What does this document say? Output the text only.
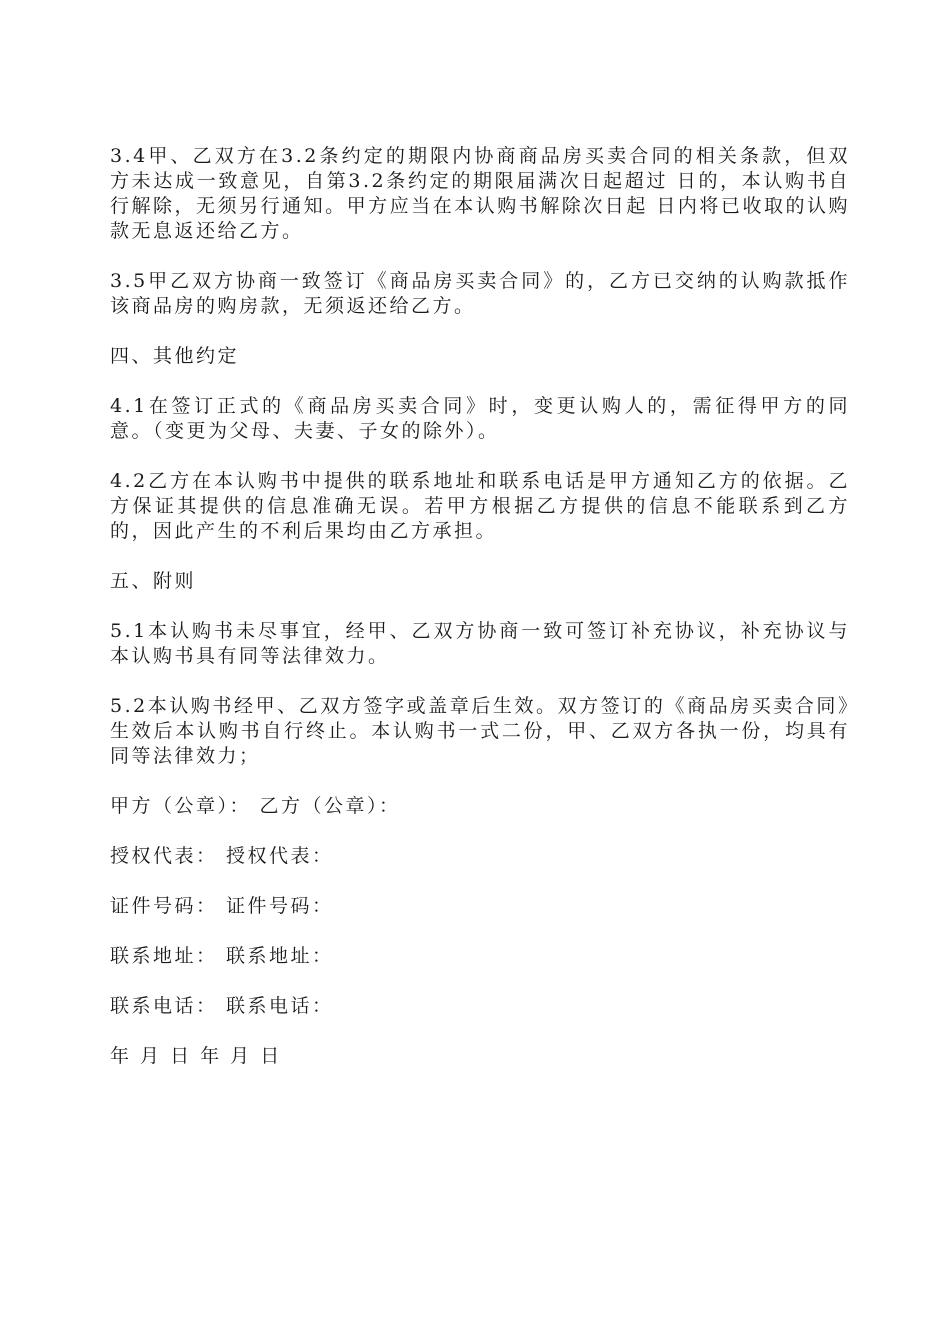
3.4甲、乙双方在3.2条约定的期限内协商商品房买卖合同的相关条款，但双方未达成一致意见，自第3.2条约定的期限届满次日起超过 日的，本认购书自行解除，无须另行通知。甲方应当在本认购书解除次日起 日内将已收取的认购款无息返还给乙方。

3.5甲乙双方协商一致签订《商品房买卖合同》的，乙方已交纳的认购款抵作该商品房的购房款，无须返还给乙方。

四、其他约定

4.1在签订正式的《商品房买卖合同》时，变更认购人的，需征得甲方的同意。（变更为父母、夫妻、子女的除外）。

4.2乙方在本认购书中提供的联系地址和联系电话是甲方通知乙方的依据。乙方保证其提供的信息准确无误。若甲方根据乙方提供的信息不能联系到乙方的，因此产生的不利后果均由乙方承担。

五、附则

5.1本认购书未尽事宜，经甲、乙双方协商一致可签订补充协议，补充协议与本认购书具有同等法律效力。

5.2本认购书经甲、乙双方签字或盖章后生效。双方签订的《商品房买卖合同》生效后本认购书自行终止。本认购书一式二份，甲、乙双方各执一份，均具有同等法律效力；

甲方（公章）： 乙方（公章）：

授权代表： 授权代表：

证件号码： 证件号码：

联系地址： 联系地址：

联系电话： 联系电话：

年 月 日 年 月 日
